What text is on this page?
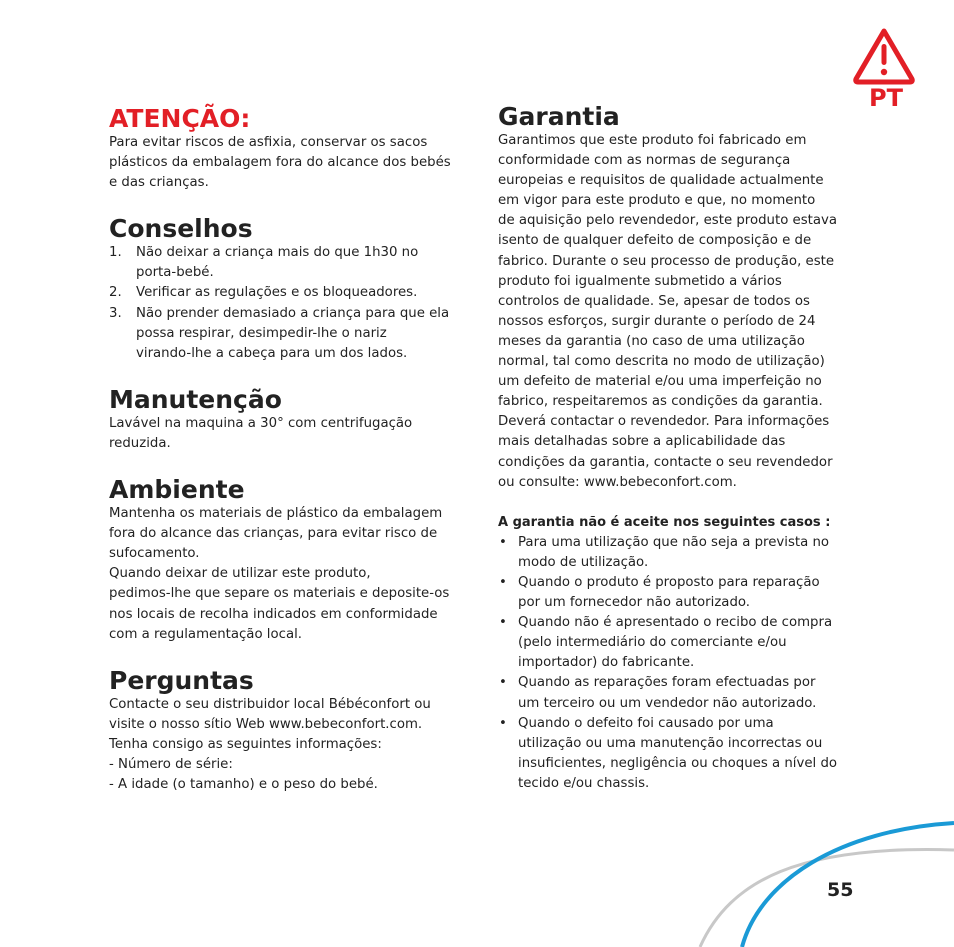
ATENÇÃO:

Para evitar riscos de asfixia, conservar os sacos
plásticos da embalagem fora do alcance dos bebés
e das crianças.

Conselhos
1. Não deixar a criança mais do que 1h30 no
porta-bebé.
2. Verificar as regulações e os bloqueadores.
3. Não prender demasiado a criança para que ela
possa respirar, desimpedir-lhe o nariz
virando-lhe a cabeça para um dos lados.
Manutenção

Lavável na maquina a 30° com centrifugação
reduzida.

Ambiente

Mantenha os materiais de plástico da embalagem
fora do alcance das crianças, para evitar risco de
sufocamento.
Quando deixar de utilizar este produto,
pedimos-lhe que separe os materiais e deposite-os
nos locais de recolha indicados em conformidade
com a regulamentação local.

Perguntas

Contacte o seu distribuidor local Bébéconfort ou
visite o nosso sítio Web www.bebeconfort.com.
Tenha consigo as seguintes informações:
- Número de série:
- A idade (o tamanho) e o peso do bebé.

Garantia

Garantimos que este produto foi fabricado em
conformidade com as normas de segurança
europeias e requisitos de qualidade actualmente
em vigor para este produto e que, no momento
de aquisição pelo revendedor, este produto estava
isento de qualquer defeito de composição e de
fabrico. Durante o seu processo de produção, este
produto foi igualmente submetido a vários
controlos de qualidade. Se, apesar de todos os
nossos esforços, surgir durante o período de 24
meses da garantia (no caso de uma utilização
normal, tal como descrita no modo de utilização)
um defeito de material e/ou uma imperfeição no
fabrico, respeitaremos as condições da garantia.
Deverá contactar o revendedor. Para informações
mais detalhadas sobre a aplicabilidade das
condições da garantia, contacte o seu revendedor
ou consulte: www.bebeconfort.com.

A garantia não é aceite nos seguintes casos :
• Para uma utilização que não seja a prevista no
modo de utilização.
• Quando o produto é proposto para reparação
por um fornecedor não autorizado.
• Quando não é apresentado o recibo de compra
(pelo intermediário do comerciante e/ou
importador) do fabricante.
• Quando as reparações foram efectuadas por
um terceiro ou um vendedor não autorizado.
• Quando o defeito foi causado por uma
utilização ou uma manutenção incorrectas ou
insuficientes, negligência ou choques a nível do
tecido e/ou chassis.
PT
55
